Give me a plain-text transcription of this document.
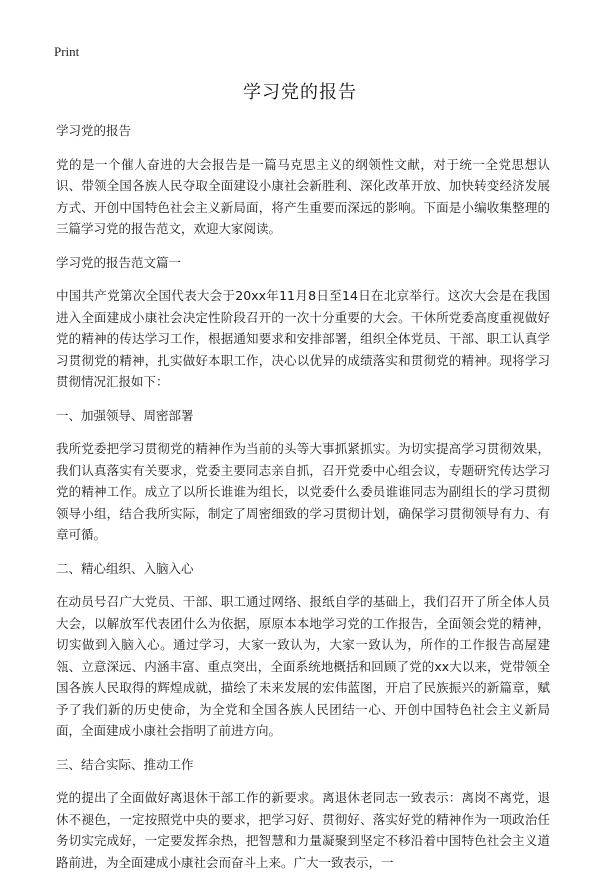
Print
学习党的报告

学习党的报告

党的是一个催人奋进的大会报告是一篇马克思主义的纲领性文献，对于统一全党思想认识、带领全国各族人民夺取全面建设小康社会新胜利、深化改革开放、加快转变经济发展方式、开创中国特色社会主义新局面，将产生重要而深远的影响。下面是小编收集整理的三篇学习党的报告范文，欢迎大家阅读。

学习党的报告范文篇一

中国共产党第次全国代表大会于20xx年11月8日至14日在北京举行。这次大会是在我国进入全面建成小康社会决定性阶段召开的一次十分重要的大会。干休所党委高度重视做好党的精神的传达学习工作，根据通知要求和安排部署，组织全体党员、干部、职工认真学习贯彻党的精神，扎实做好本职工作，决心以优异的成绩落实和贯彻党的精神。现将学习贯彻情况汇报如下：

一、加强领导、周密部署

我所党委把学习贯彻党的精神作为当前的头等大事抓紧抓实。为切实提高学习贯彻效果，我们认真落实有关要求，党委主要同志亲自抓，召开党委中心组会议，专题研究传达学习党的精神工作。成立了以所长谁谁为组长，以党委什么委员谁谁同志为副组长的学习贯彻领导小组，结合我所实际，制定了周密细致的学习贯彻计划，确保学习贯彻领导有力、有章可循。

二、精心组织、入脑入心

在动员号召广大党员、干部、职工通过网络、报纸自学的基础上，我们召开了所全体人员大会，以解放军代表团什么为依据，原原本本地学习党的工作报告，全面领会党的精神，切实做到入脑入心。通过学习，大家一致认为，大家一致认为，所作的工作报告高屋建瓴、立意深远、内涵丰富、重点突出，全面系统地概括和回顾了党的xx大以来，党带领全国各族人民取得的辉煌成就，描绘了未来发展的宏伟蓝图，开启了民族振兴的新篇章，赋予了我们新的历史使命，为全党和全国各族人民团结一心、开创中国特色社会主义新局面，全面建成小康社会指明了前进方向。

三、结合实际、推动工作

党的提出了全面做好离退休干部工作的新要求。离退休老同志一致表示：离岗不离党，退休不褪色，一定按照党中央的要求，把学习好、贯彻好、落实好党的精神作为一项政治任务切实完成好，一定要发挥余热，把智慧和力量凝聚到坚定不移沿着中国特色社会主义道路前进，为全面建成小康社会而奋斗上来。广大一致表示，一
